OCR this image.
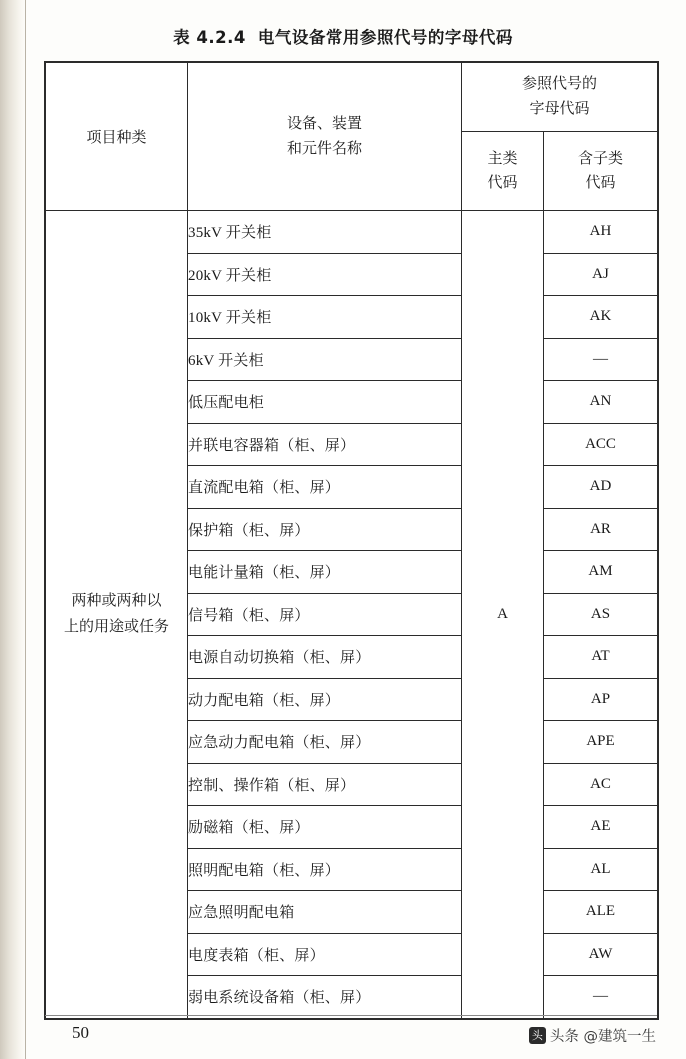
表 4.2.4 电气设备常用参照代号的字母代码
项目种类	
设备、装置
和元件名称

参照代号的
字母代码

主类
代码

含子类
代码

两种或两种以
上的用途或任务	35kV 开关柜	A	AH
	20kV 开关柜		AJ
	10kV 开关柜		AK
	6kV 开关柜		—
	低压配电柜		AN
	并联电容器箱（柜、屏）		ACC
	直流配电箱（柜、屏）		AD
	保护箱（柜、屏）		AR
	电能计量箱（柜、屏）		AM
	信号箱（柜、屏）		AS
	电源自动切换箱（柜、屏）		AT
	动力配电箱（柜、屏）		AP
	应急动力配电箱（柜、屏）		APE
	控制、操作箱（柜、屏）		AC
	励磁箱（柜、屏）		AE
	照明配电箱（柜、屏）		AL
	应急照明配电箱		ALE
	电度表箱（柜、屏）		AW
	弱电系统设备箱（柜、屏）		—
50	头 头条 @建筑一生
